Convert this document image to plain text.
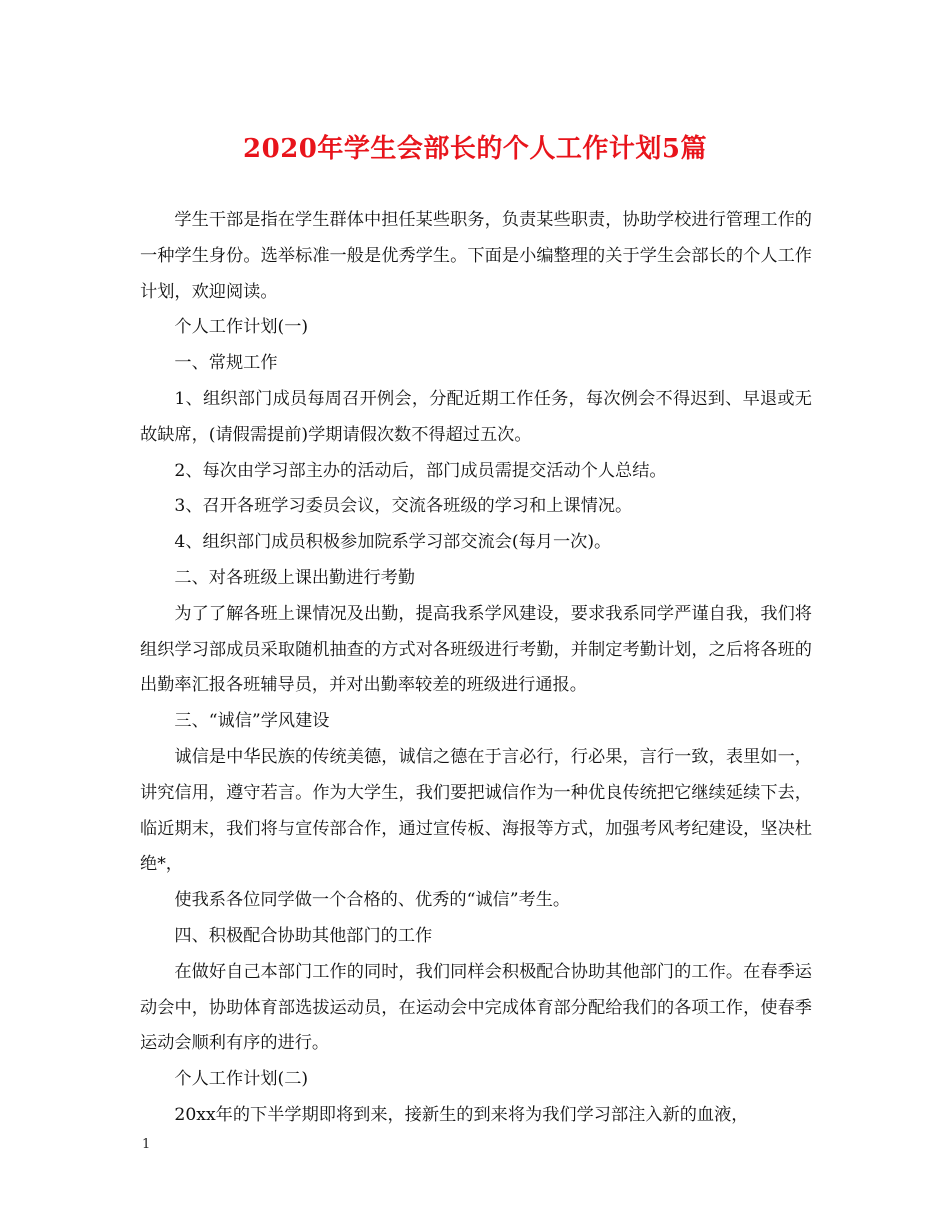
2020年学生会部长的个人工作计划5篇

学生干部是指在学生群体中担任某些职务，负责某些职责，协助学校进行管理工作的一种学生身份。选举标准一般是优秀学生。下面是小编整理的关于学生会部长的个人工作计划，欢迎阅读。

个人工作计划(一)

一、常规工作

1、组织部门成员每周召开例会，分配近期工作任务，每次例会不得迟到、早退或无故缺席，(请假需提前)学期请假次数不得超过五次。

2、每次由学习部主办的活动后，部门成员需提交活动个人总结。

3、召开各班学习委员会议，交流各班级的学习和上课情况。

4、组织部门成员积极参加院系学习部交流会(每月一次)。

二、对各班级上课出勤进行考勤

为了了解各班上课情况及出勤，提高我系学风建设，要求我系同学严谨自我，我们将组织学习部成员采取随机抽查的方式对各班级进行考勤，并制定考勤计划，之后将各班的出勤率汇报各班辅导员，并对出勤率较差的班级进行通报。

三、“诚信”学风建设

诚信是中华民族的传统美德，诚信之德在于言必行，行必果，言行一致，表里如一，讲究信用，遵守若言。作为大学生，我们要把诚信作为一种优良传统把它继续延续下去，临近期末，我们将与宣传部合作，通过宣传板、海报等方式，加强考风考纪建设，坚决杜绝*，

使我系各位同学做一个合格的、优秀的“诚信”考生。

四、积极配合协助其他部门的工作

在做好自己本部门工作的同时，我们同样会积极配合协助其他部门的工作。在春季运动会中，协助体育部选拔运动员，在运动会中完成体育部分配给我们的各项工作，使春季运动会顺利有序的进行。

个人工作计划(二)

20xx年的下半学期即将到来，接新生的到来将为我们学习部注入新的血液，

1
